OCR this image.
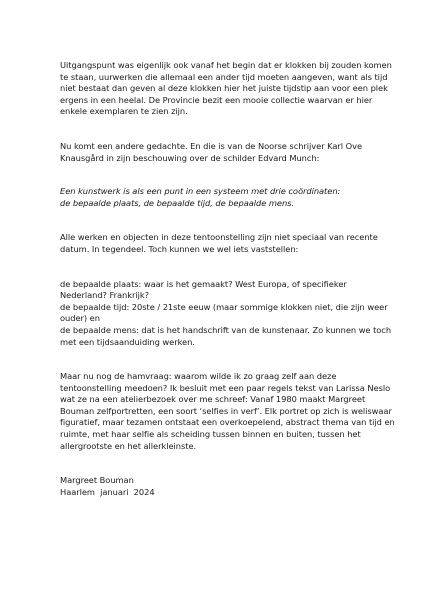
Uitgangspunt was eigenlijk ook vanaf het begin dat er klokken bij zouden komen te staan, uurwerken die allemaal een ander tijd moeten aangeven, want als tijd niet bestaat dan geven al deze klokken hier het juiste tijdstip aan voor een plek ergens in een heelal. De Provincie bezit een mooie collectie waarvan er hier enkele exemplaren te zien zijn.

Nu komt een andere gedachte. En die is van de Noorse schrijver Karl Ove Knausgård in zijn beschouwing over de schilder Edvard Munch:

Een kunstwerk is als een punt in een systeem met drie coördinaten:

de bepaalde plaats, de bepaalde tijd, de bepaalde mens.

Alle werken en objecten in deze tentoonstelling zijn niet speciaal van recente datum. In tegendeel. Toch kunnen we wel iets vaststellen:

de bepaalde plaats: waar is het gemaakt? West Europa, of specifieker Nederland? Frankrijk?

de bepaalde tijd: 20ste / 21ste eeuw (maar sommige klokken niet, die zijn weer ouder) en

de bepaalde mens: dat is het handschrift van de kunstenaar. Zo kunnen we toch met een tijdsaanduiding werken.

Maar nu nog de hamvraag: waarom wilde ik zo graag zelf aan deze tentoonstelling meedoen? Ik besluit met een paar regels tekst van Larissa Neslo wat ze na een atelierbezoek over me schreef: Vanaf 1980 maakt Margreet Bouman zelfportretten, een soort ‘selfies in verf’. Elk portret op zich is weliswaar figuratief, maar tezamen ontstaat een overkoepelend, abstract thema van tijd en ruimte, met haar selfie als scheiding tussen binnen en buiten, tussen het allergrootste en het allerkleinste.

Margreet Bouman

Haarlem  januari  2024
